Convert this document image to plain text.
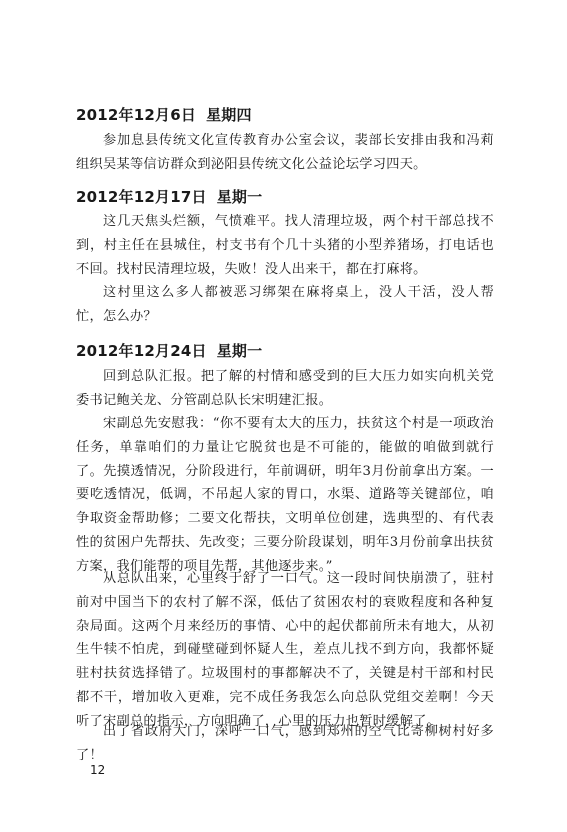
2012年12月6日 星期四
参加息县传统文化宣传教育办公室会议，裴部长安排由我和冯莉组织吴某等信访群众到泌阳县传统文化公益论坛学习四天。
2012年12月17日 星期一
这几天焦头烂额，气愤难平。找人清理垃圾，两个村干部总找不到，村主任在县城住，村支书有个几十头猪的小型养猪场，打电话也不回。找村民清理垃圾，失败！没人出来干，都在打麻将。
这村里这么多人都被恶习绑架在麻将桌上，没人干活，没人帮忙，怎么办？
2012年12月24日 星期一
回到总队汇报。把了解的村情和感受到的巨大压力如实向机关党委书记鲍关龙、分管副总队长宋明建汇报。
宋副总先安慰我：“你不要有太大的压力，扶贫这个村是一项政治任务，单靠咱们的力量让它脱贫也是不可能的，能做的咱做到就行了。先摸透情况，分阶段进行，年前调研，明年3月份前拿出方案。一要吃透情况，低调，不吊起人家的胃口，水渠、道路等关键部位，咱争取资金帮助修；二要文化帮扶，文明单位创建，选典型的、有代表性的贫困户先帮扶、先改变；三要分阶段谋划，明年3月份前拿出扶贫方案，我们能帮的项目先帮，其他逐步来。”
从总队出来，心里终于舒了一口气。这一段时间快崩溃了，驻村前对中国当下的农村了解不深，低估了贫困农村的衰败程度和各种复杂局面。这两个月来经历的事情、心中的起伏都前所未有地大，从初生牛犊不怕虎，到碰壁碰到怀疑人生，差点儿找不到方向，我都怀疑驻村扶贫选择错了。垃圾围村的事都解决不了，关键是村干部和村民都不干，增加收入更难，完不成任务我怎么向总队党组交差啊！今天听了宋副总的指示，方向明确了，心里的压力也暂时缓解了。
出了省政府大门，深呼一口气，感到郑州的空气比寄柳树村好多了！
12
